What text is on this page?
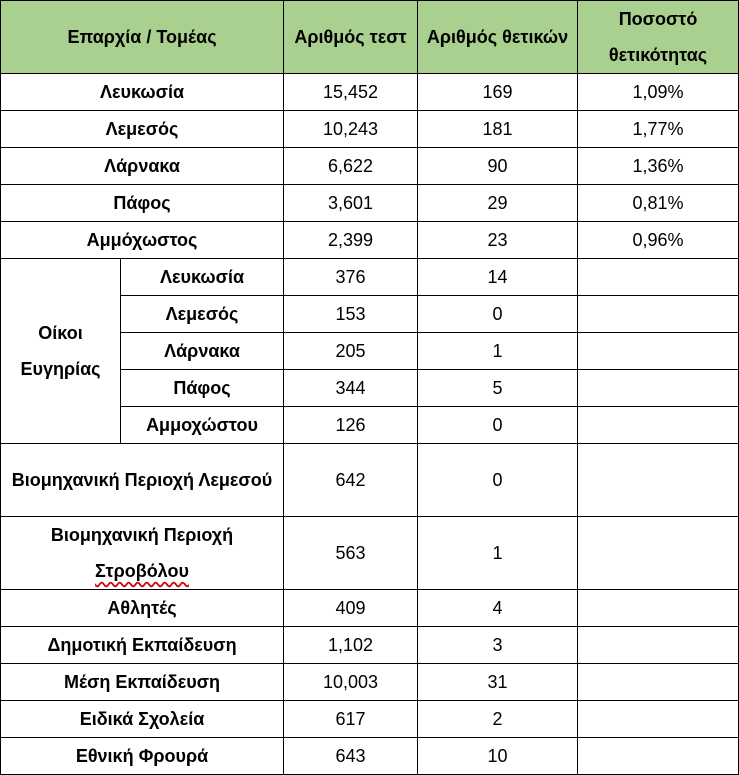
Επαρχία / Τομέας		Αριθμός τεστ	Αριθμός θετικών	Ποσοστό θετικότητας
Λευκωσία		15,452	169	1,09%
Λεμεσός		10,243	181	1,77%
Λάρνακα		6,622	90	1,36%
Πάφος		3,601	29	0,81%
Αμμόχωστος		2,399	23	0,96%
Οίκοι Ευγηρίας	Λευκωσία	376	14	
	Λεμεσός	153	0	
	Λάρνακα	205	1	
	Πάφος	344	5	
	Αμμοχώστου	126	0	
Βιομηχανική Περιοχή Λεμεσού		642	0	
Βιομηχανική Περιοχή
Στροβόλου		563	1	
Αθλητές		409	4	
Δημοτική Εκπαίδευση		1,102	3	
Μέση Εκπαίδευση		10,003	31	
Ειδικά Σχολεία		617	2	
Εθνική Φρουρά		643	10	
